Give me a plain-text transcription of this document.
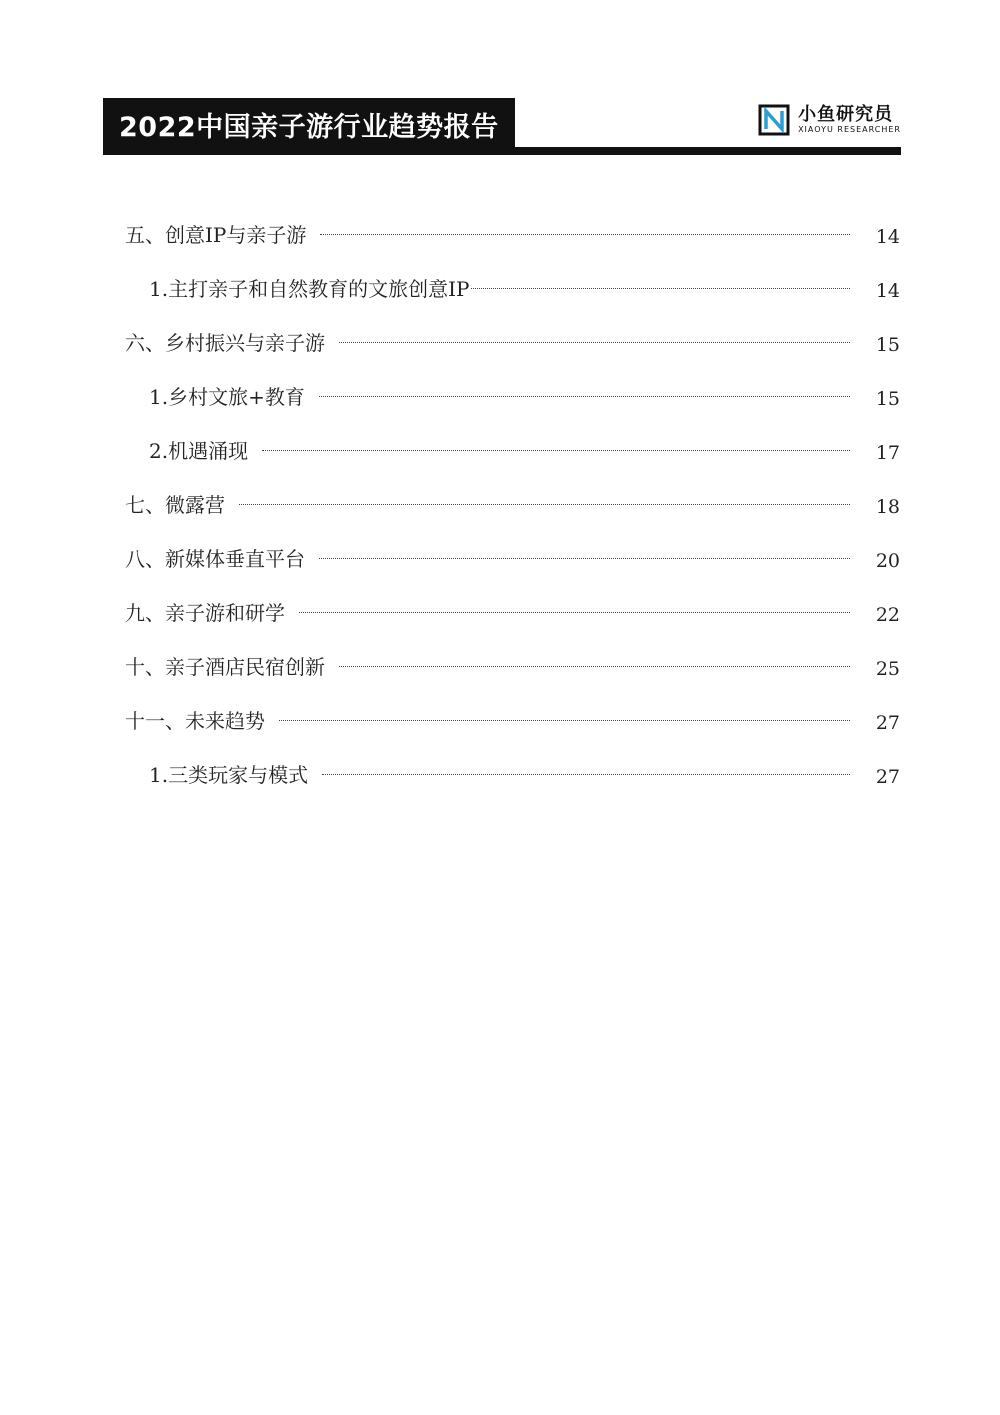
2022中国亲子游行业趋势报告	小鱼研究员
XIAOYU RESEARCHER
五、创意IP与亲子游	14
1.主打亲子和自然教育的文旅创意IP	14
六、乡村振兴与亲子游	15
1.乡村文旅+教育	15
2.机遇涌现	17
七、微露营	18
八、新媒体垂直平台	20
九、亲子游和研学	22
十、亲子酒店民宿创新	25
十一、未来趋势	27
1.三类玩家与模式	27
